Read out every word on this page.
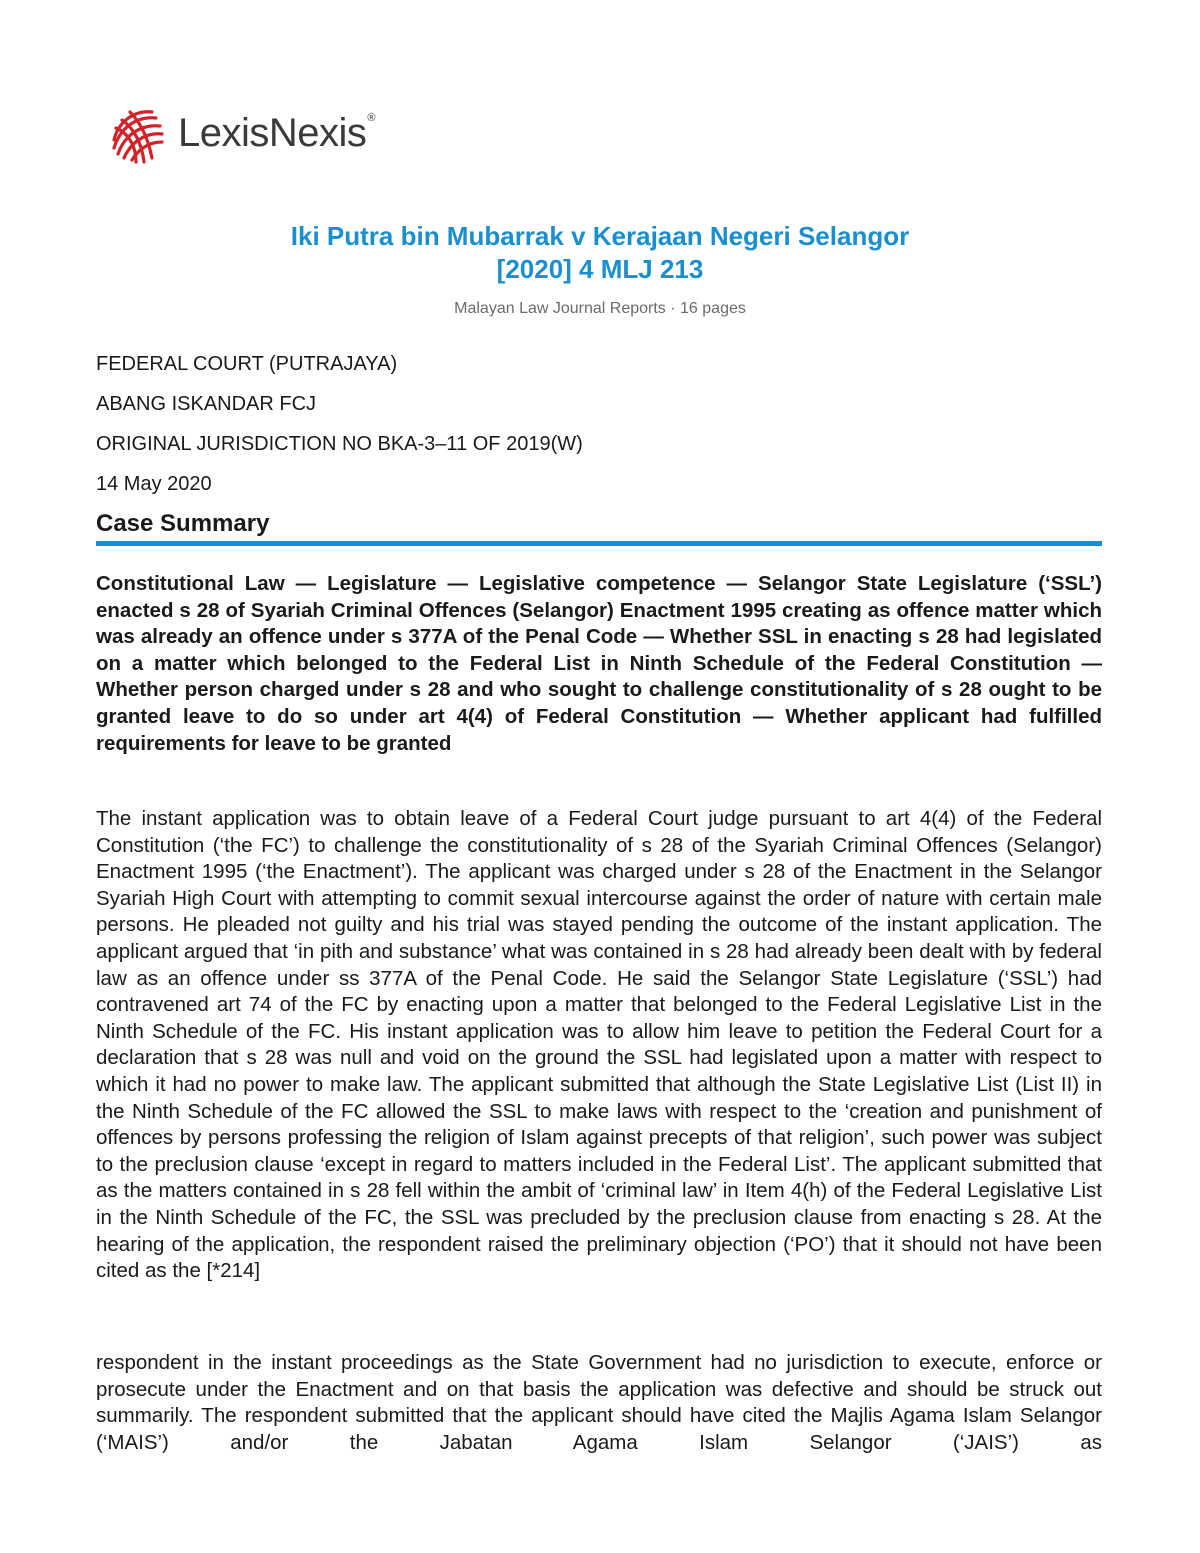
LexisNexis®

Iki Putra bin Mubarrak v Kerajaan Negeri Selangor

[2020] 4 MLJ 213

Malayan Law Journal Reports · 16 pages
FEDERAL COURT (PUTRAJAYA)
ABANG ISKANDAR FCJ
ORIGINAL JURISDICTION NO BKA-3–11 OF 2019(W)
14 May 2020
Case Summary

Constitutional Law — Legislature — Legislative competence — Selangor State Legislature (‘SSL’) enacted s 28 of Syariah Criminal Offences (Selangor) Enactment 1995 creating as offence matter which was already an offence under s 377A of the Penal Code — Whether SSL in enacting s 28 had legislated on a matter which belonged to the Federal List in Ninth Schedule of the Federal Constitution — Whether person charged under s 28 and who sought to challenge constitutionality of s 28 ought to be granted leave to do so under art 4(4) of Federal Constitution — Whether applicant had fulfilled requirements for leave to be granted

The instant application was to obtain leave of a Federal Court judge pursuant to art 4(4) of the Federal Constitution (‘the FC’) to challenge the constitutionality of s 28 of the Syariah Criminal Offences (Selangor) Enactment 1995 (‘the Enactment’). The applicant was charged under s 28 of the Enactment in the Selangor Syariah High Court with attempting to commit sexual intercourse against the order of nature with certain male persons. He pleaded not guilty and his trial was stayed pending the outcome of the instant application. The applicant argued that ‘in pith and substance’ what was contained in s 28 had already been dealt with by federal law as an offence under ss 377A of the Penal Code. He said the Selangor State Legislature (‘SSL’) had contravened art 74 of the FC by enacting upon a matter that belonged to the Federal Legislative List in the Ninth Schedule of the FC. His instant application was to allow him leave to petition the Federal Court for a declaration that s 28 was null and void on the ground the SSL had legislated upon a matter with respect to which it had no power to make law. The applicant submitted that although the State Legislative List (List II) in the Ninth Schedule of the FC allowed the SSL to make laws with respect to the ‘creation and punishment of offences by persons professing the religion of Islam against precepts of that religion’, such power was subject to the preclusion clause ‘except in regard to matters included in the Federal List’. The applicant submitted that as the matters contained in s 28 fell within the ambit of ‘criminal law’ in Item 4(h) of the Federal Legislative List in the Ninth Schedule of the FC, the SSL was precluded by the preclusion clause from enacting s 28. At the hearing of the application, the respondent raised the preliminary objection (‘PO’) that it should not have been cited as the [*214]

respondent in the instant proceedings as the State Government had no jurisdiction to execute, enforce or prosecute under the Enactment and on that basis the application was defective and should be struck out summarily. The respondent submitted that the applicant should have cited the Majlis Agama Islam Selangor (‘MAIS’) and/or the Jabatan Agama Islam Selangor (‘JAIS’) as
